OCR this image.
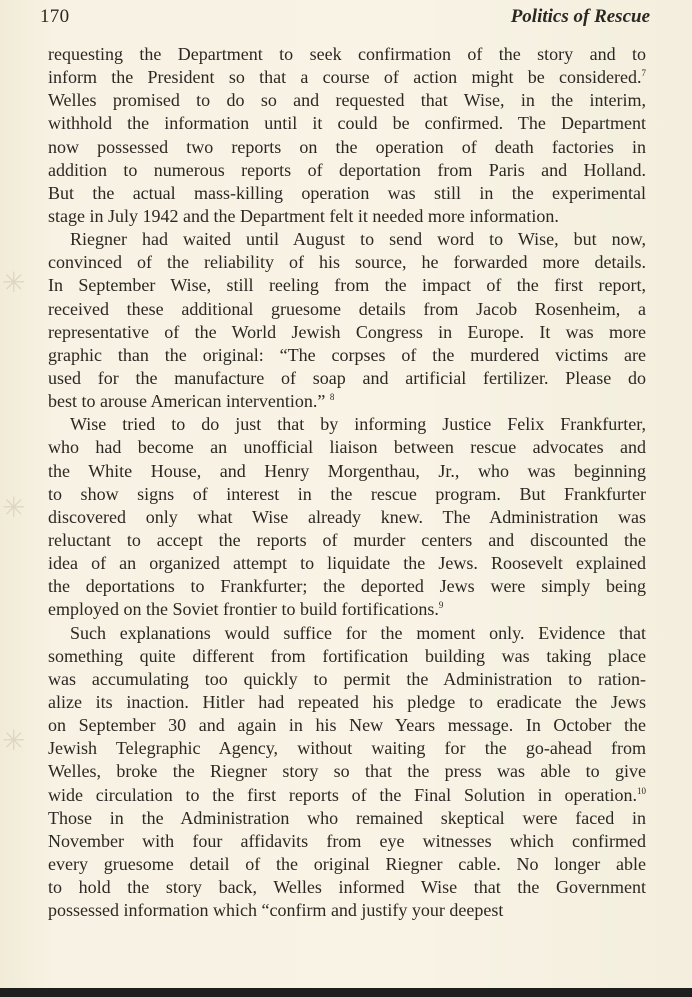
170	Politics of Rescue
✳
✳
✳
requesting the Department to seek confirmation of the story and to
inform the President so that a course of action might be considered.$^7$
Welles promised to do so and requested that Wise, in the interim,
withhold the information until it could be confirmed. The Department
now possessed two reports on the operation of death factories in
addition to numerous reports of deportation from Paris and Holland.
But the actual mass-killing operation was still in the experimental
stage in July 1942 and the Department felt it needed more information.
Riegner had waited until August to send word to Wise, but now,
convinced of the reliability of his source, he forwarded more details.
In September Wise, still reeling from the impact of the first report,
received these additional gruesome details from Jacob Rosenheim, a
representative of the World Jewish Congress in Europe. It was more
graphic than the original: “The corpses of the murdered victims are
used for the manufacture of soap and artificial fertilizer. Please do
best to arouse American intervention.” $^8$
Wise tried to do just that by informing Justice Felix Frankfurter,
who had become an unofficial liaison between rescue advocates and
the White House, and Henry Morgenthau, Jr., who was beginning
to show signs of interest in the rescue program. But Frankfurter
discovered only what Wise already knew. The Administration was
reluctant to accept the reports of murder centers and discounted the
idea of an organized attempt to liquidate the Jews. Roosevelt explained
the deportations to Frankfurter; the deported Jews were simply being
employed on the Soviet frontier to build fortifications.$^9$
Such explanations would suffice for the moment only. Evidence that
something quite different from fortification building was taking place
was accumulating too quickly to permit the Administration to ration-
alize its inaction. Hitler had repeated his pledge to eradicate the Jews
on September 30 and again in his New Years message. In October the
Jewish Telegraphic Agency, without waiting for the go-ahead from
Welles, broke the Riegner story so that the press was able to give
wide circulation to the first reports of the Final Solution in operation.$^{10}$
Those in the Administration who remained skeptical were faced in
November with four affidavits from eye witnesses which confirmed
every gruesome detail of the original Riegner cable. No longer able
to hold the story back, Welles informed Wise that the Government
possessed information which “confirm and justify your deepest
